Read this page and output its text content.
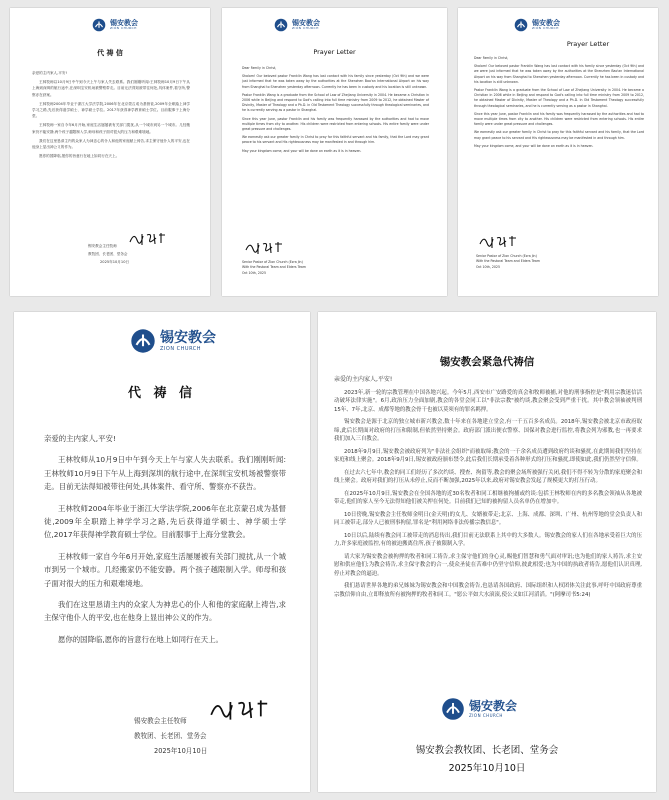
锡安教会
ZION CHURCH
代 祷 信

亲爱的主内家人,平安!

王林牧师以10月9日中午到今天上午与家人失去联系。我们刚刚听闻:王林牧师10月9日下午从上海到深圳的航行途中,在深圳宝安机场被警察带走。目前无法得知被带往何处,具体案件,看守所,警察亦在获案。

王林牧师2004年毕业于浙江大学法学院,2006年在北京蒙召成为基督徒,2009年全职踏上神学学习之路,先后获得道学硕士、神学硕士学位。2017年获得神学教育硕士学位。目前服事于上海分堂。

王林牧师一家自今年6月开始,家庭生活屡屡被有关部门搅扰,从一个城市到另一个城市。几经搬家仍不能安静,两个孩子越限制入学,师母和孩子面对很大的压力和艰难境地。

我们在这里恳请主内的众家人为神忠心的仆人和他的家庭献上祷告,求主保守他仆人的平安,也在他身上显出神公义的作为。

愿你的国降临,愿你的旨意行在地上如同行在天上。

锡安教会主任牧师
教牧团、长老团、堂务会
2025年10月10日
锡安教会
ZION CHURCH
Prayer Letter

Dear Family in Christ,

Shalom! Our beloved pastor Franklin Wang has lost contact with his family since yesterday (Oct 9th) and we were just informed that he was taken away by the authorities at the Shenzhen Bao'an International Airport on his way from Shanghai to Shenzhen yesterday afternoon. Currently he has been in custody and his location is still unknown.

Pastor Franklin Wang is a graduate from the School of Law of Zhejiang University in 2004. He became a Christian in 2006 while in Beijing and respond to God's calling into full time ministry from 2009 to 2012, he obtained Master of Divinity, Master of Theology and a Ph.D. in Old Testament Theology successfully through theological seminaries, and he is currently serving as a pastor in Shanghai.

Since this year June, pastor Franklin and his family was frequently harassed by the authorities and had to move multiple times from city to another. His children were restricted from entering schools. His entire family were under great pressure and challenges.

We earnestly ask our greater family in Christ to pray for this faithful servant and his family, that the Lord may grant peace to his servant and His righteousness may be manifested in and through him.

May your kingdom come, and your will be done on earth as it is in heaven.

Senior Pastor of Zion Church (Ezra Jin)
With the Pastoral Team and Elders Team
Oct 10th, 2025
锡安教会
ZION CHURCH
Prayer Letter

Dear Family in Christ,

Shalom! Our beloved pastor Franklin Wang has lost contact with his family since yesterday (Oct 9th) and we were just informed that he was taken away by the authorities at the Shenzhen Bao'an International Airport on his way from Shanghai to Shenzhen yesterday afternoon. Currently he has been in custody and his location is still unknown.

Pastor Franklin Wang is a graduate from the School of Law of Zhejiang University in 2004. He became a Christian in 2006 while in Beijing and respond to God's calling into full time ministry from 2009 to 2012, he obtained Master of Divinity, Master of Theology and a Ph.D. in Old Testament Theology successfully through theological seminaries, and he is currently serving as a pastor in Shanghai.

Since this year June, pastor Franklin and his family was frequently harassed by the authorities and had to move multiple times from city to another. His children were restricted from entering schools. His entire family were under great pressure and challenges.

We earnestly ask our greater family in Christ to pray for this faithful servant and his family, that the Lord may grant peace to his servant and His righteousness may be manifested in and through him.

May your kingdom come, and your will be done on earth as it is in heaven.

Senior Pastor of Zion Church (Ezra Jin)
With the Pastoral Team and Elders Team
Oct 10th, 2025
锡安教会
ZION CHURCH
代 祷 信

亲爱的主内家人,平安!

王林牧师从10月9日中午到今天上午与家人失去联系。我们刚刚听闻:王林牧师10月9日下午从上海到深圳的航行途中,在深圳宝安机场被警察带走。目前无法得知被带往何处,具体案件、看守所、警察亦不获告。

王林牧师2004年毕业于浙江大学法学院,2006年在北京蒙召成为基督徒,2009年全职踏上神学学习之路,先后获得道学硕士、神学硕士学位,2017年获得神学教育硕士学位。目前服事于上海分堂教会。

王林牧师一家自今年6月开始,家庭生活屡屡被有关部门搅扰,从一个城市到另一个城市。几经搬家仍不能安静。两个孩子越限制入学。师母和孩子面对很大的压力和艰难境地。

我们在这里恳请主内的众家人为神忠心的仆人和他的家庭献上祷告,求主保守他仆人的平安,也在他身上显出神公义的作为。

愿你的国降临,愿你的旨意行在地上如同行在天上。

锡安教会主任牧师
教牧团、长老团、堂务会
2025年10月10日
锡安教会紧急代祷信

亲爱的主内家人,平安!

2023年,新一轮的宗教管理在中国各地兴起。今年5月,西安市广安路爱的真会和牧师被捕,对他的刑事指控是"利用宗教迷信活动破坏法律实施"。6月,政治压力全面加剧,教会的各堂会同工以"非法宗教"被约谈,教会聚会受到严重干扰。其中教会领袖被判刑15年、7年,北京、成都等地的教会骨干也被以莫须有的罪名羁押。

锡安教会是源于北京的独立城市新兴教会,数十年来在各地建立堂会,有一千五百多名成员。2018年,锡安教会被北京市政府取缔,此后长期面对政府的打压和限制,但依然坚持聚会。政府部门派出便衣警察、国保对教会进行监控,将教会列为邪教,也一再要求我们加入三自教会。

2018年9月9日,锡安教会被政府列为"非法社会组织"而被取缔;教会的一千余名成员遭到政府约谈和骚扰,在此期间我们坚持在家庭和线上聚会。2018年9月9日,锡安被政府颁布禁令,此后我们长期承受着各种形式的打压和骚扰,即使如此,我们仍然坚守信仰。

在过去六七年中,教会的同工们经历了多次约谈、搜查、拘留等,教会的聚会场所被强行关闭,我们不得不转为分散的家庭聚会和线上聚会。政府对我们的打压从未停止,反而不断加强,2025年以来,政府对锡安教会发起了规模更大的打压行动。

在2025年10月9日,锡安教会在全国各地的近30名牧者和同工相继被拘捕或约谈:包括王林牧师在内的多名教会领袖从各地被带走,他们的家人至今无法得知他们被关押在何处。目前我们已知的被拘留人员名单仍在增加中。

10日傍晚,锡安教会主任牧师金明日(金天明)的女儿、女婿被带走;北京、上海、成都、深圳、广州、杭州等地的堂会负责人和同工被带走,部分人已被刑事拘留,罪名是"利用网络非法传播宗教信息"。

10日以后,陆续有教会同工被带走的消息传出,我们目前无法联系上其中的大多数人。锡安教会的家人们在各地承受着巨大的压力,许多家庭被监控,有的被迫搬离住所,孩子被限制入学。

请大家为锡安教会被拘押的牧者和同工祷告,求主保守他们的身心灵,赐他们智慧和勇气面对审讯;也为他们的家人祷告,求主安慰和供应他们;为教会祷告,求主保守教会的合一,使众圣徒在苦难中仍坚守信仰,彼此相爱;也为中国的执政者祷告,愿他们认识真理,停止对教会的逼迫。

我们恳请世界各地的弟兄姊妹为锡安教会和中国教会祷告,也恳请各国政府、国际组织和人权团体关注此事,呼吁中国政府尊重宗教信仰自由,立即释放所有被拘押的牧者和同工。"愿公平如大水滚滚,使公义如江河滔滔。"(阿摩司书5:24)

锡安教会
ZION CHURCH
锡安教会教牧团、长老团、堂务会
2025年10月10日
